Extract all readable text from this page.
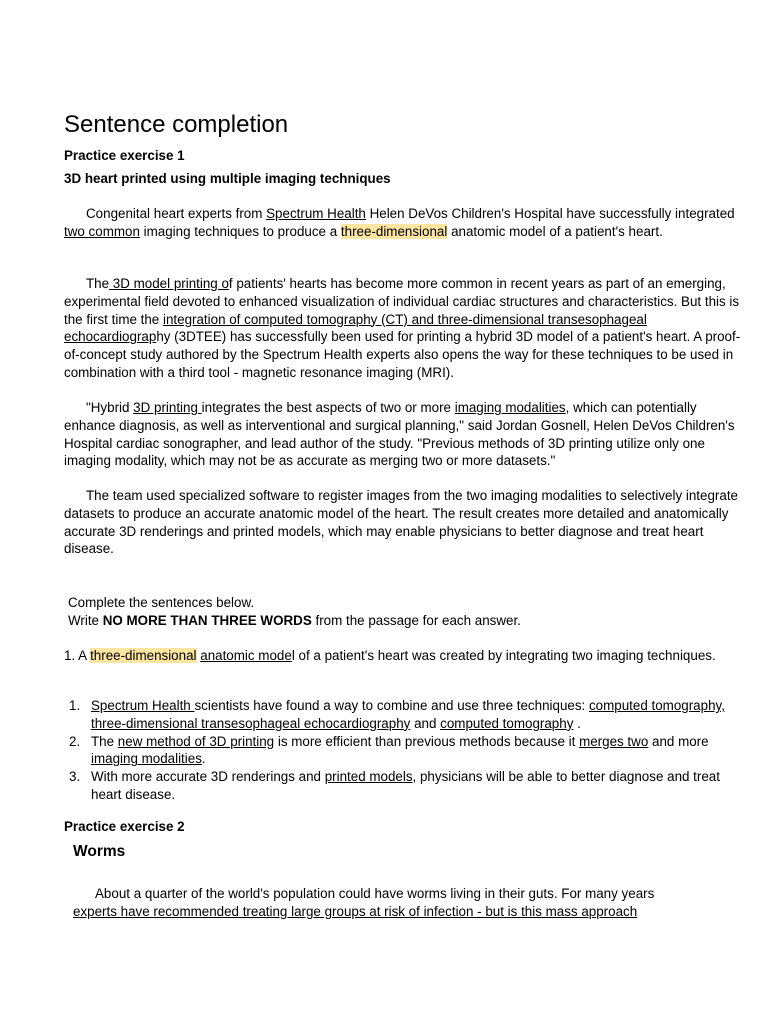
Sentence completion
Practice exercise 1
3D heart printed using multiple imaging techniques

Congenital heart experts from Spectrum Health Helen DeVos Children's Hospital have successfully integrated two common imaging techniques to produce a three-dimensional anatomic model of a patient's heart.

The 3D model printing of patients' hearts has become more common in recent years as part of an emerging, experimental field devoted to enhanced visualization of individual cardiac structures and characteristics. But this is the first time the integration of computed tomography (CT) and three-dimensional transesophageal echocardiography (3DTEE) has successfully been used for printing a hybrid 3D model of a patient's heart. A proof-of-concept study authored by the Spectrum Health experts also opens the way for these techniques to be used in combination with a third tool - magnetic resonance imaging (MRI).

"Hybrid 3D printing integrates the best aspects of two or more imaging modalities, which can potentially enhance diagnosis, as well as interventional and surgical planning," said Jordan Gosnell, Helen DeVos Children's Hospital cardiac sonographer, and lead author of the study. "Previous methods of 3D printing utilize only one imaging modality, which may not be as accurate as merging two or more datasets."

The team used specialized software to register images from the two imaging modalities to selectively integrate datasets to produce an accurate anatomic model of the heart. The result creates more detailed and anatomically accurate 3D renderings and printed models, which may enable physicians to better diagnose and treat heart disease.

Complete the sentences below.

Write NO MORE THAN THREE WORDS from the passage for each answer.

1. A three-dimensional anatomic model of a patient's heart was created by integrating two imaging techniques.

1. Spectrum Health scientists have found a way to combine and use three techniques: computed tomography, three-dimensional transesophageal echocardiography and computed tomography .
2. The new method of 3D printing is more efficient than previous methods because it merges two and more imaging modalities.
3. With more accurate 3D renderings and printed models, physicians will be able to better diagnose and treat heart disease.
Practice exercise 2
Worms

About a quarter of the world's population could have worms living in their guts. For many years
experts have recommended treating large groups at risk of infection - but is this mass approach
